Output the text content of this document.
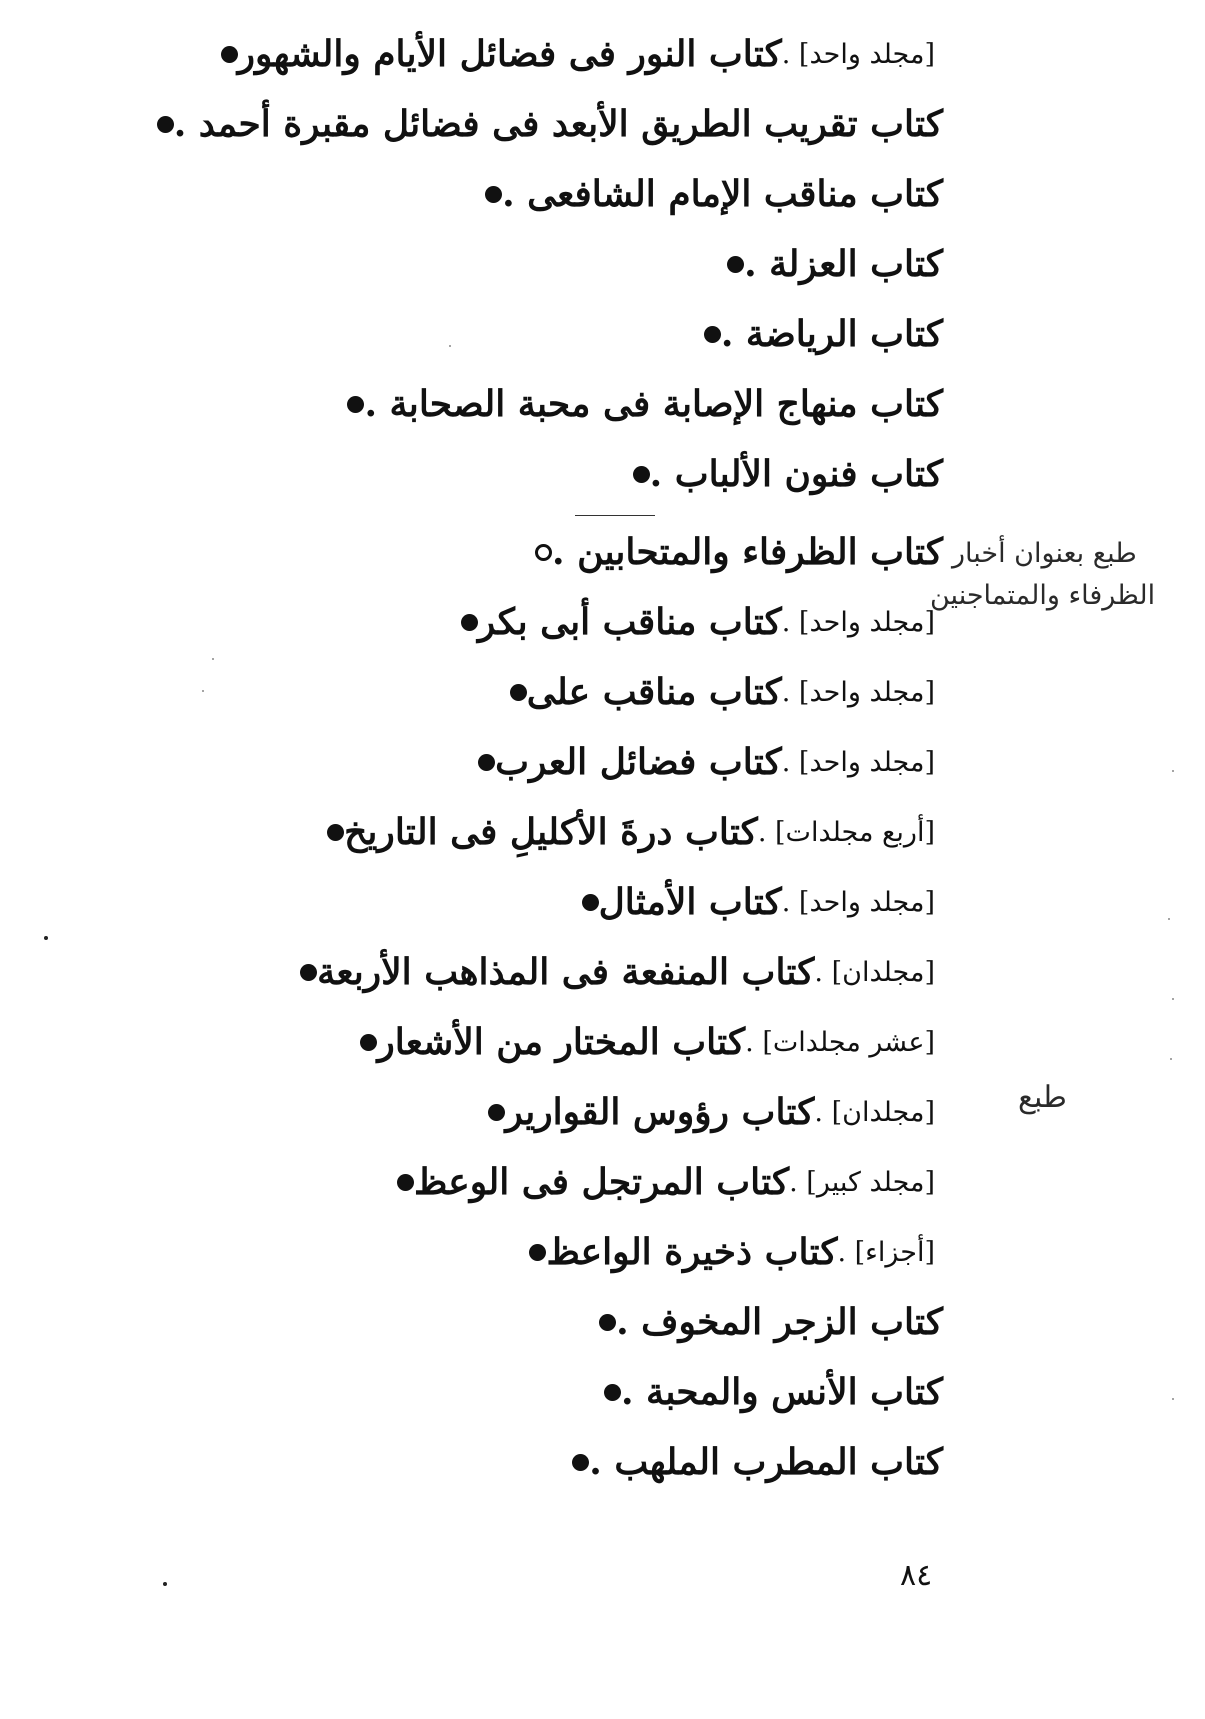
كتاب النور فى فضائل الأيام والشهور [مجلد واحد] .
كتاب تقريب الطريق الأبعد فى فضائل مقبرة أحمد .
كتاب مناقب الإمام الشافعى .
كتاب العزلة .
كتاب الرياضة .
كتاب منهاج الإصابة فى محبة الصحابة .
كتاب فنون الألباب .
كتاب الظرفاء والمتحابين .
كتاب مناقب أبى بكر [مجلد واحد] .
كتاب مناقب على [مجلد واحد] .
كتاب فضائل العرب [مجلد واحد] .
كتاب درةَ الأكليلِ فى التاريخ [أربع مجلدات] .
كتاب الأمثال [مجلد واحد] .
كتاب المنفعة فى المذاهب الأربعة [مجلدان] .
كتاب المختار من الأشعار [عشر مجلدات] .
كتاب رؤوس القوارير [مجلدان] .
كتاب المرتجل فى الوعظ [مجلد كبير] .
كتاب ذخيرة الواعظ [أجزاء] .
كتاب الزجر المخوف .
كتاب الأنس والمحبة .
كتاب المطرب الملهب .
طبع بعنوان أخبار
الظرفاء والمتماجنين
طبع
٨٤
